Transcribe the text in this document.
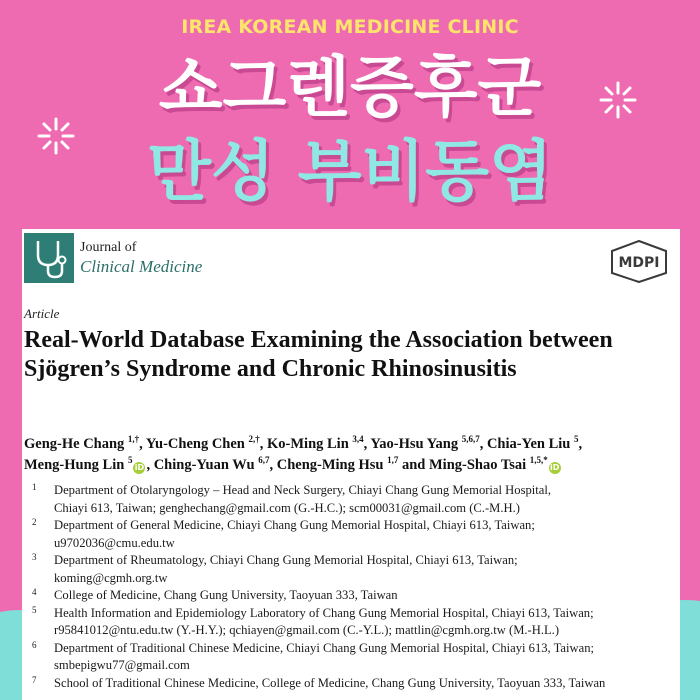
IREA KOREAN MEDICINE CLINIC
쇼그렌증후군
만성 부비동염
Journal of
Clinical Medicine	MDPI
Article
Real-World Database Examining the Association between Sjögren’s Syndrome and Chronic Rhinosinusitis
Geng-He Chang $^{1,\dagger}$, Yu-Cheng Chen $^{2,\dagger}$, Ko-Ming Lin $^{3,4}$, Yao-Hsu Yang $^{5,6,7}$, Chia-Yen Liu $^5$,
Meng-Hung Lin $^5$iD , Ching-Yuan Wu $^{6,7}$, Cheng-Ming Hsu $^{1,7}$ and Ming-Shao Tsai $^{1,5,*}$iD
1 Department of Otolaryngology – Head and Neck Surgery, Chiayi Chang Gung Memorial Hospital,
Chiayi 613, Taiwan; genghechang@gmail.com (G.-H.C.); scm00031@gmail.com (C.-M.H.)
2 Department of General Medicine, Chiayi Chang Gung Memorial Hospital, Chiayi 613, Taiwan;
u9702036@cmu.edu.tw
3 Department of Rheumatology, Chiayi Chang Gung Memorial Hospital, Chiayi 613, Taiwan;
koming@cgmh.org.tw
4 College of Medicine, Chang Gung University, Taoyuan 333, Taiwan
5 Health Information and Epidemiology Laboratory of Chang Gung Memorial Hospital, Chiayi 613, Taiwan;
r95841012@ntu.edu.tw (Y.-H.Y.); qchiayen@gmail.com (C.-Y.L.); mattlin@cgmh.org.tw (M.-H.L.)
6 Department of Traditional Chinese Medicine, Chiayi Chang Gung Memorial Hospital, Chiayi 613, Taiwan;
smbepigwu77@gmail.com
7 School of Traditional Chinese Medicine, College of Medicine, Chang Gung University, Taoyuan 333, Taiwan
